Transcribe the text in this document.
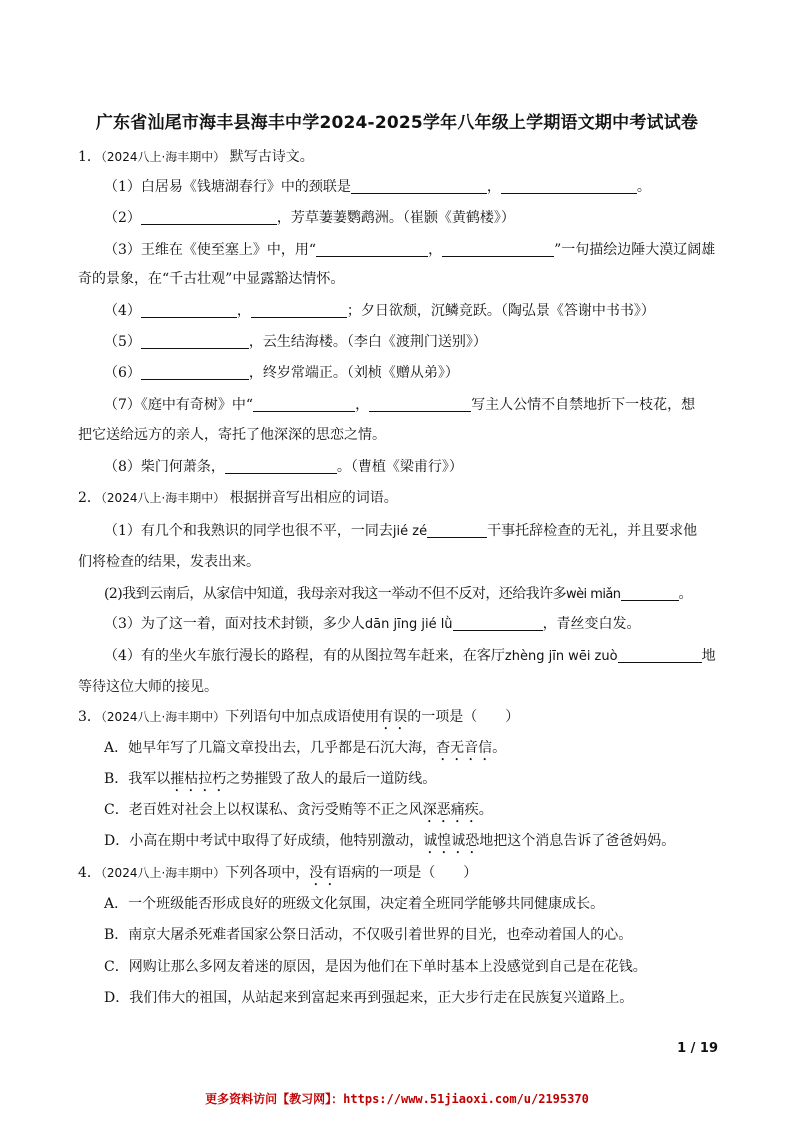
广东省汕尾市海丰县海丰中学2024-2025学年八年级上学期语文期中考试试卷
1．（2024八上·海丰期中） 默写古诗文。
（1）白居易《钱塘湖春行》中的颈联是	，	。
（2）	，芳草萋萋鹦鹉洲。（崔颢《黄鹤楼》）
（3）王维在《使至塞上》中，用“	，	”一句描绘边陲大漠辽阔雄
奇的景象，在“千古壮观”中显露豁达情怀。
（4）	，	；夕日欲颓，沉鳞竞跃。（陶弘景《答谢中书书》）
（5）	，云生结海楼。（李白《渡荆门送别》）
（6）	，终岁常端正。（刘桢《赠从弟》）
（7）《庭中有奇树》中“	，	写主人公情不自禁地折下一枝花，想
把它送给远方的亲人，寄托了他深深的思恋之情。
（8）柴门何萧条，	。（曹植《梁甫行》）
2．（2024八上·海丰期中） 根据拼音写出相应的词语。
（1）有几个和我熟识的同学也很不平，一同去jié zé	干事托辞检查的无礼，并且要求他
们将检查的结果，发表出来。
(2)我到云南后，从家信中知道，我母亲对我这一举动不但不反对，还给我许多wèi miǎn	。
（3）为了这一着，面对技术封锁，多少人dān jīng jié lǜ	，青丝变白发。
（4）有的坐火车旅行漫长的路程，有的从图拉驾车赶来，在客厅zhèng jīn wēi zuò	地
等待这位大师的接见。
3．（2024八上·海丰期中）下列语句中加点成语使用有误的一项是（　　）
A．她早年写了几篇文章投出去，几乎都是石沉大海，杳无音信。
B．我军以摧枯拉朽之势摧毁了敌人的最后一道防线。
C．老百姓对社会上以权谋私、贪污受贿等不正之风深恶痛疾。
D．小高在期中考试中取得了好成绩，他特别激动，诚惶诚恐地把这个消息告诉了爸爸妈妈。
4．（2024八上·海丰期中）下列各项中，没有语病的一项是（　　）
A．一个班级能否形成良好的班级文化氛围，决定着全班同学能够共同健康成长。
B．南京大屠杀死难者国家公祭日活动，不仅吸引着世界的目光，也牵动着国人的心。
C．网购让那么多网友着迷的原因，是因为他们在下单时基本上没感觉到自己是在花钱。
D．我们伟大的祖国，从站起来到富起来再到强起来，正大步行走在民族复兴道路上。
1 / 19
更多资料访问【教习网】：https://www.51jiaoxi.com/u/2195370
